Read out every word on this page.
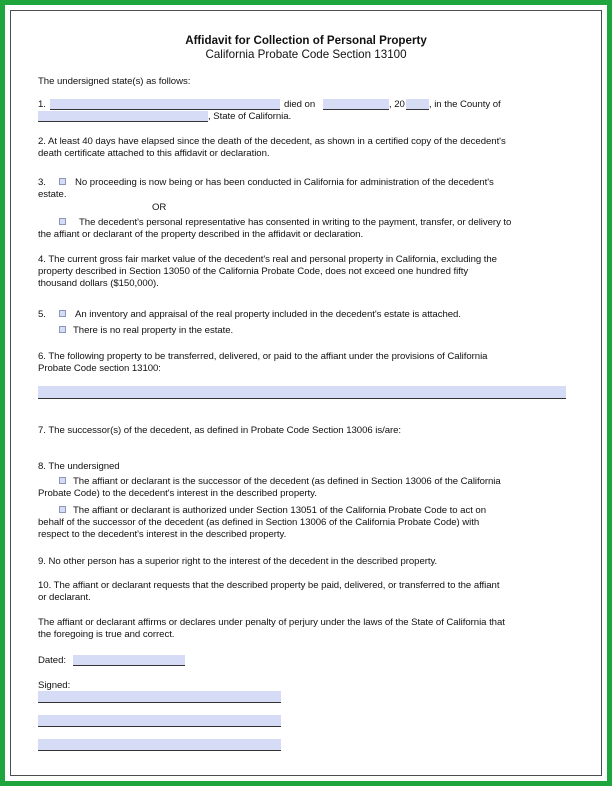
Affidavit for Collection of Personal Property
California Probate Code Section 13100
The undersigned state(s) as follows:
1.	died on	, 20	, in the County of
, State of California.
2. At least 40 days have elapsed since the death of the decedent, as shown in a certified copy of the decedent's
death certificate attached to this affidavit or declaration.
3.	No proceeding is now being or has been conducted in California for administration of the decedent's
estate.
OR
The decedent's personal representative has consented in writing to the payment, transfer, or delivery to
the affiant or declarant of the property described in the affidavit or declaration.
4. The current gross fair market value of the decedent's real and personal property in California, excluding the
property described in Section 13050 of the California Probate Code, does not exceed one hundred fifty
thousand dollars ($150,000).
5.	An inventory and appraisal of the real property included in the decedent's estate is attached.
There is no real property in the estate.
6. The following property to be transferred, delivered, or paid to the affiant under the provisions of California
Probate Code section 13100:
7. The successor(s) of the decedent, as defined in Probate Code Section 13006 is/are:
8. The undersigned
The affiant or declarant is the successor of the decedent (as defined in Section 13006 of the California
Probate Code) to the decedent's interest in the described property.
The affiant or declarant is authorized under Section 13051 of the California Probate Code to act on
behalf of the successor of the decedent (as defined in Section 13006 of the California Probate Code) with
respect to the decedent's interest in the described property.
9. No other person has a superior right to the interest of the decedent in the described property.
10. The affiant or declarant requests that the described property be paid, delivered, or transferred to the affiant
or declarant.
The affiant or declarant affirms or declares under penalty of perjury under the laws of the State of California that
the foregoing is true and correct.
Dated:
Signed:
